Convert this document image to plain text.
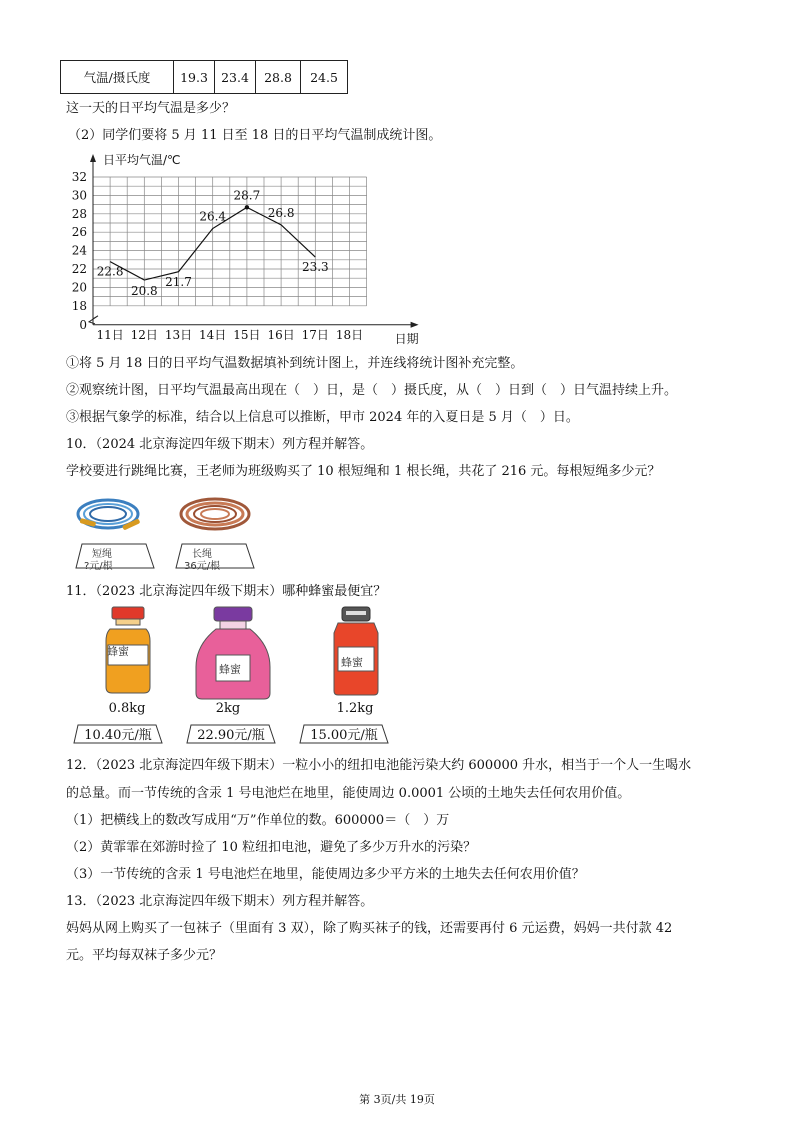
气温/摄氏度	19.3	23.4	28.8	24.5
这一天的日平均气温是多少？
（2）同学们要将 5 月 11 日至 18 日的日平均气温制成统计图。
0
18
20
22
24
26
28
30
32
11日 12日 13日 14日 15日 16日 17日 18日
日平均气温/℃
日期
22.8
20.8
21.7
26.4
28.7
26.8
23.3
①将 5 月 18 日的日平均气温数据填补到统计图上，并连线将统计图补充完整。
②观察统计图，日平均气温最高出现在（　）日，是（　）摄氏度，从（　）日到（　）日气温持续上升。
③根据气象学的标准，结合以上信息可以推断，甲市 2024 年的入夏日是 5 月（　）日。
10．（2024 北京海淀四年级下期末）列方程并解答。
学校要进行跳绳比赛，王老师为班级购买了 10 根短绳和 1 根长绳，共花了 216 元。每根短绳多少元？
短绳
?元/根
长绳
36元/根
11．（2023 北京海淀四年级下期末）哪种蜂蜜最便宜？
蜂蜜
蜂蜜
蜂蜜
0.8kg	2kg	1.2kg
10.40元/瓶	22.90元/瓶	15.00元/瓶
12．（2023 北京海淀四年级下期末）一粒小小的纽扣电池能污染大约 600000 升水，相当于一个人一生喝水
的总量。而一节传统的含汞 1 号电池烂在地里，能使周边 0.0001 公顷的土地失去任何农用价值。
（1）把横线上的数改写成用“万”作单位的数。600000＝（　）万
（2）黄霏霏在郊游时捡了 10 粒纽扣电池，避免了多少万升水的污染？
（3）一节传统的含汞 1 号电池烂在地里，能使周边多少平方米的土地失去任何农用价值？
13．（2023 北京海淀四年级下期末）列方程并解答。
妈妈从网上购买了一包袜子（里面有 3 双），除了购买袜子的钱，还需要再付 6 元运费，妈妈一共付款 42
元。平均每双袜子多少元？
第 3页/共 19页
